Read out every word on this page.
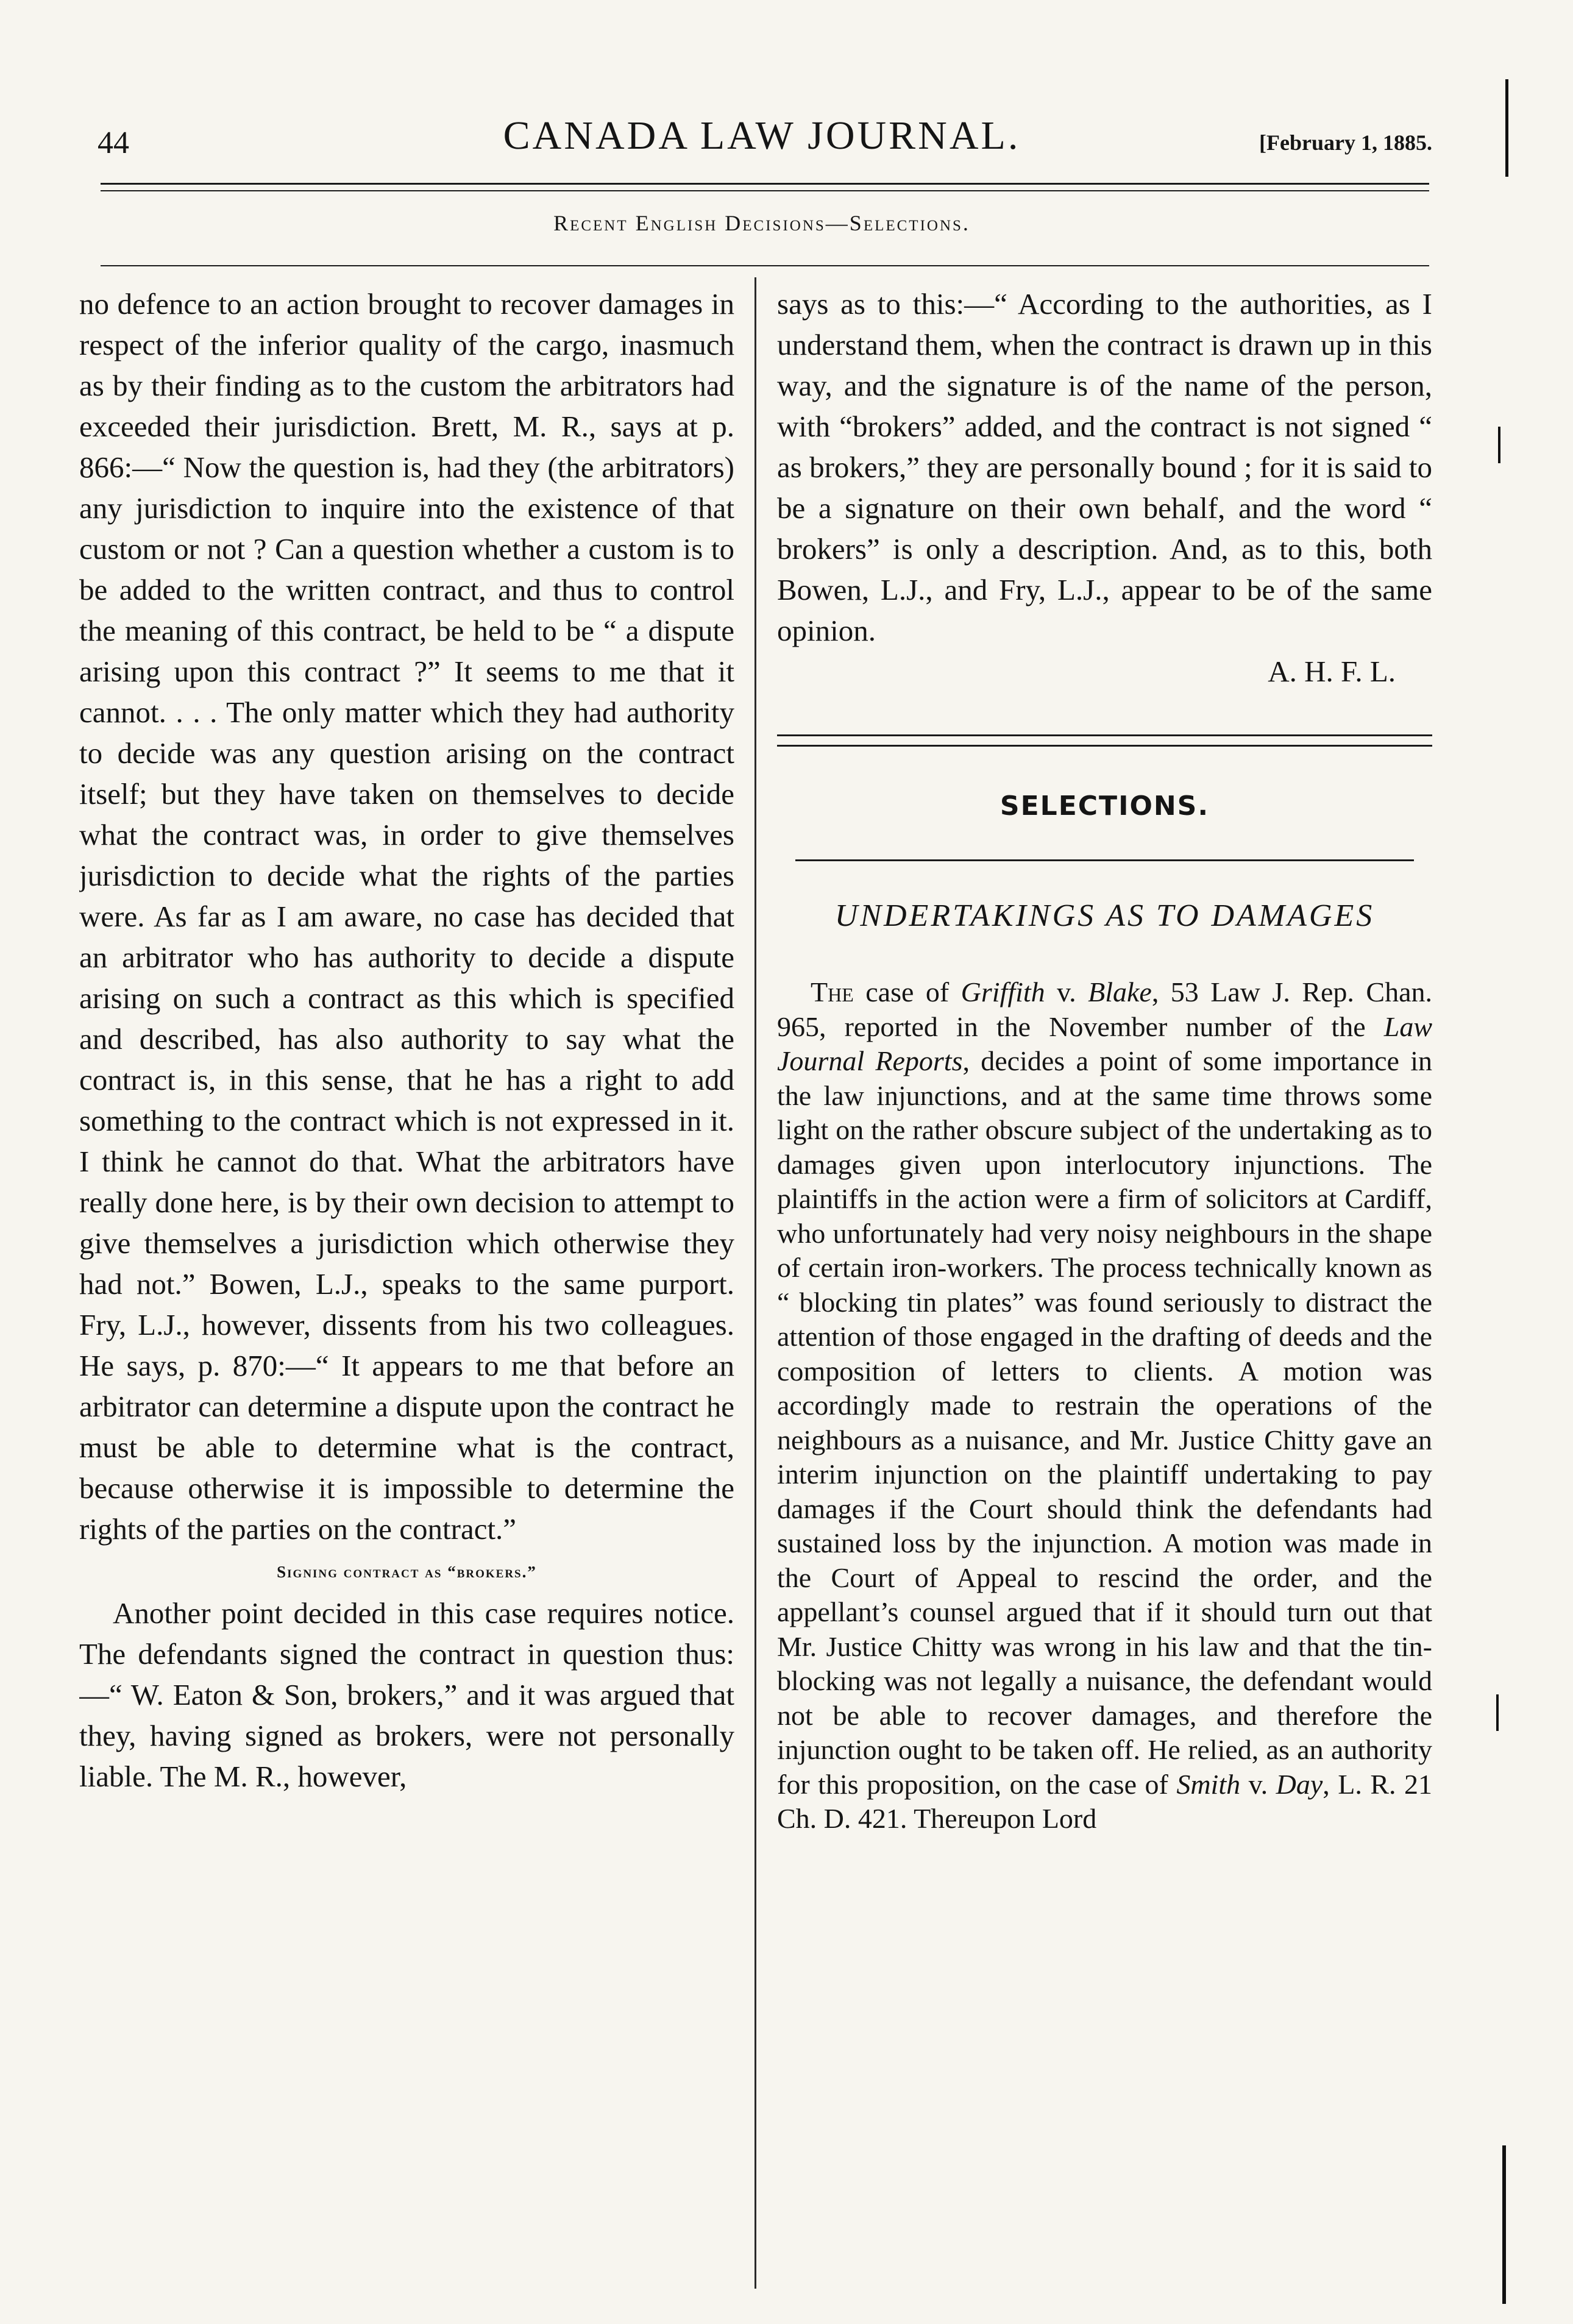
44	CANADA LAW JOURNAL.	[February 1, 1885.
Recent English Decisions—Selections.

no defence to an action brought to recover damages in respect of the inferior quality of the cargo, inasmuch as by their finding as to the custom the arbitrators had exceeded their jurisdiction. Brett, M. R., says at p. 866:—“ Now the question is, had they (the arbitrators) any jurisdiction to inquire into the existence of that custom or not ? Can a question whether a custom is to be added to the written contract, and thus to control the meaning of this contract, be held to be “ a dispute arising upon this contract ?” It seems to me that it cannot. . . . The only matter which they had authority to decide was any question arising on the contract itself; but they have taken on themselves to decide what the contract was, in order to give themselves jurisdiction to decide what the rights of the parties were. As far as I am aware, no case has decided that an arbitrator who has authority to decide a dispute arising on such a contract as this which is specified and described, has also authority to say what the contract is, in this sense, that he has a right to add something to the contract which is not expressed in it. I think he cannot do that. What the arbitrators have really done here, is by their own decision to attempt to give themselves a jurisdiction which otherwise they had not.” Bowen, L.J., speaks to the same purport. Fry, L.J., however, dissents from his two colleagues. He says, p. 870:—“ It appears to me that before an arbitrator can determine a dispute upon the contract he must be able to determine what is the contract, because otherwise it is impossible to determine the rights of the parties on the contract.”

Signing contract as “brokers.”

Another point decided in this case requires notice. The defendants signed the contract in question thus:—“ W. Eaton & Son, brokers,” and it was argued that they, having signed as brokers, were not personally liable. The M. R., however,

says as to this:—“ According to the authorities, as I understand them, when the contract is drawn up in this way, and the signature is of the name of the person, with “brokers” added, and the contract is not signed “ as brokers,” they are personally bound ; for it is said to be a signature on their own behalf, and the word “ brokers” is only a description. And, as to this, both Bowen, L.J., and Fry, L.J., appear to be of the same opinion.

A. H. F. L.

SELECTIONS.

UNDERTAKINGS AS TO DAMAGES

The case of Griffith v. Blake, 53 Law J. Rep. Chan. 965, reported in the November number of the Law Journal Reports, decides a point of some importance in the law injunctions, and at the same time throws some light on the rather obscure subject of the undertaking as to damages given upon interlocutory injunctions. The plaintiffs in the action were a firm of solicitors at Cardiff, who unfortunately had very noisy neighbours in the shape of certain iron-workers. The process technically known as “ blocking tin plates” was found seriously to distract the attention of those engaged in the drafting of deeds and the composition of letters to clients. A motion was accordingly made to restrain the operations of the neighbours as a nuisance, and Mr. Justice Chitty gave an interim injunction on the plaintiff undertaking to pay damages if the Court should think the defendants had sustained loss by the injunction. A motion was made in the Court of Appeal to rescind the order, and the appellant’s counsel argued that if it should turn out that Mr. Justice Chitty was wrong in his law and that the tin-blocking was not legally a nuisance, the defendant would not be able to recover damages, and therefore the injunction ought to be taken off. He relied, as an authority for this proposition, on the case of Smith v. Day, L. R. 21 Ch. D. 421. Thereupon Lord
